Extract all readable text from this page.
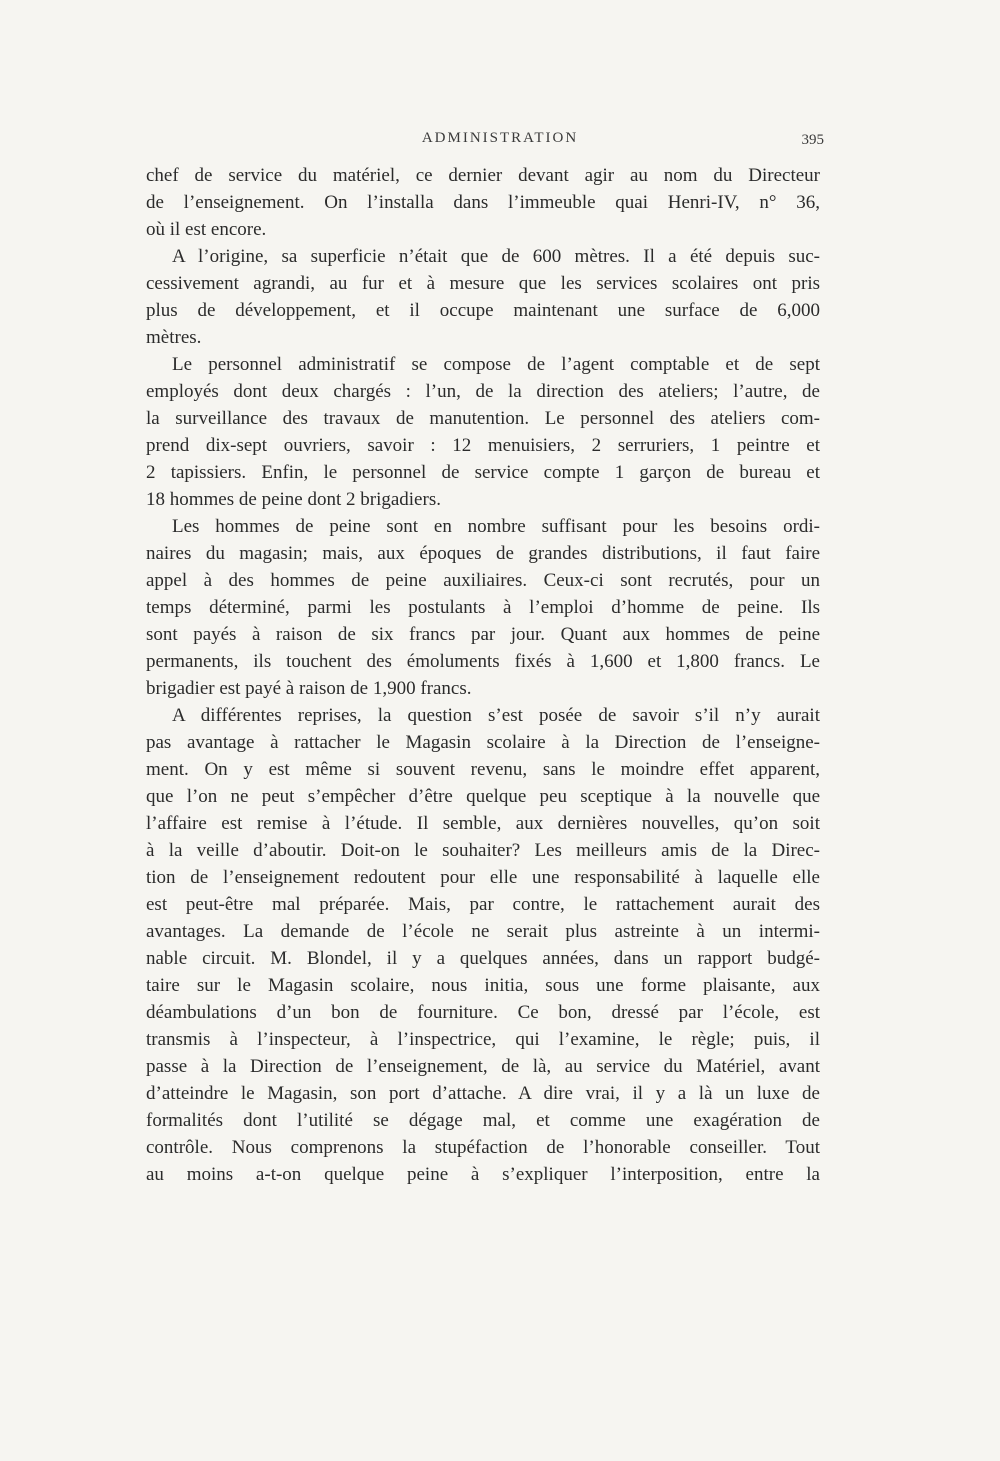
ADMINISTRATION	395
chef de service du matériel, ce dernier devant agir au nom du Directeur
de l’enseignement. On l’installa dans l’immeuble quai Henri-IV, n° 36,
où il est encore.
A l’origine, sa superficie n’était que de 600 mètres. Il a été depuis suc-
cessivement agrandi, au fur et à mesure que les services scolaires ont pris
plus de développement, et il occupe maintenant une surface de 6,000
mètres.
Le personnel administratif se compose de l’agent comptable et de sept
employés dont deux chargés : l’un, de la direction des ateliers; l’autre, de
la surveillance des travaux de manutention. Le personnel des ateliers com-
prend dix-sept ouvriers, savoir : 12 menuisiers, 2 serruriers, 1 peintre et
2 tapissiers. Enfin, le personnel de service compte 1 garçon de bureau et
18 hommes de peine dont 2 brigadiers.
Les hommes de peine sont en nombre suffisant pour les besoins ordi-
naires du magasin; mais, aux époques de grandes distributions, il faut faire
appel à des hommes de peine auxiliaires. Ceux-ci sont recrutés, pour un
temps déterminé, parmi les postulants à l’emploi d’homme de peine. Ils
sont payés à raison de six francs par jour. Quant aux hommes de peine
permanents, ils touchent des émoluments fixés à 1,600 et 1,800 francs. Le
brigadier est payé à raison de 1,900 francs.
A différentes reprises, la question s’est posée de savoir s’il n’y aurait
pas avantage à rattacher le Magasin scolaire à la Direction de l’enseigne-
ment. On y est même si souvent revenu, sans le moindre effet apparent,
que l’on ne peut s’empêcher d’être quelque peu sceptique à la nouvelle que
l’affaire est remise à l’étude. Il semble, aux dernières nouvelles, qu’on soit
à la veille d’aboutir. Doit-on le souhaiter? Les meilleurs amis de la Direc-
tion de l’enseignement redoutent pour elle une responsabilité à laquelle elle
est peut-être mal préparée. Mais, par contre, le rattachement aurait des
avantages. La demande de l’école ne serait plus astreinte à un intermi-
nable circuit. M. Blondel, il y a quelques années, dans un rapport budgé-
taire sur le Magasin scolaire, nous initia, sous une forme plaisante, aux
déambulations d’un bon de fourniture. Ce bon, dressé par l’école, est
transmis à l’inspecteur, à l’inspectrice, qui l’examine, le règle; puis, il
passe à la Direction de l’enseignement, de là, au service du Matériel, avant
d’atteindre le Magasin, son port d’attache. A dire vrai, il y a là un luxe de
formalités dont l’utilité se dégage mal, et comme une exagération de
contrôle. Nous comprenons la stupéfaction de l’honorable conseiller. Tout
au moins a-t-on quelque peine à s’expliquer l’interposition, entre la
